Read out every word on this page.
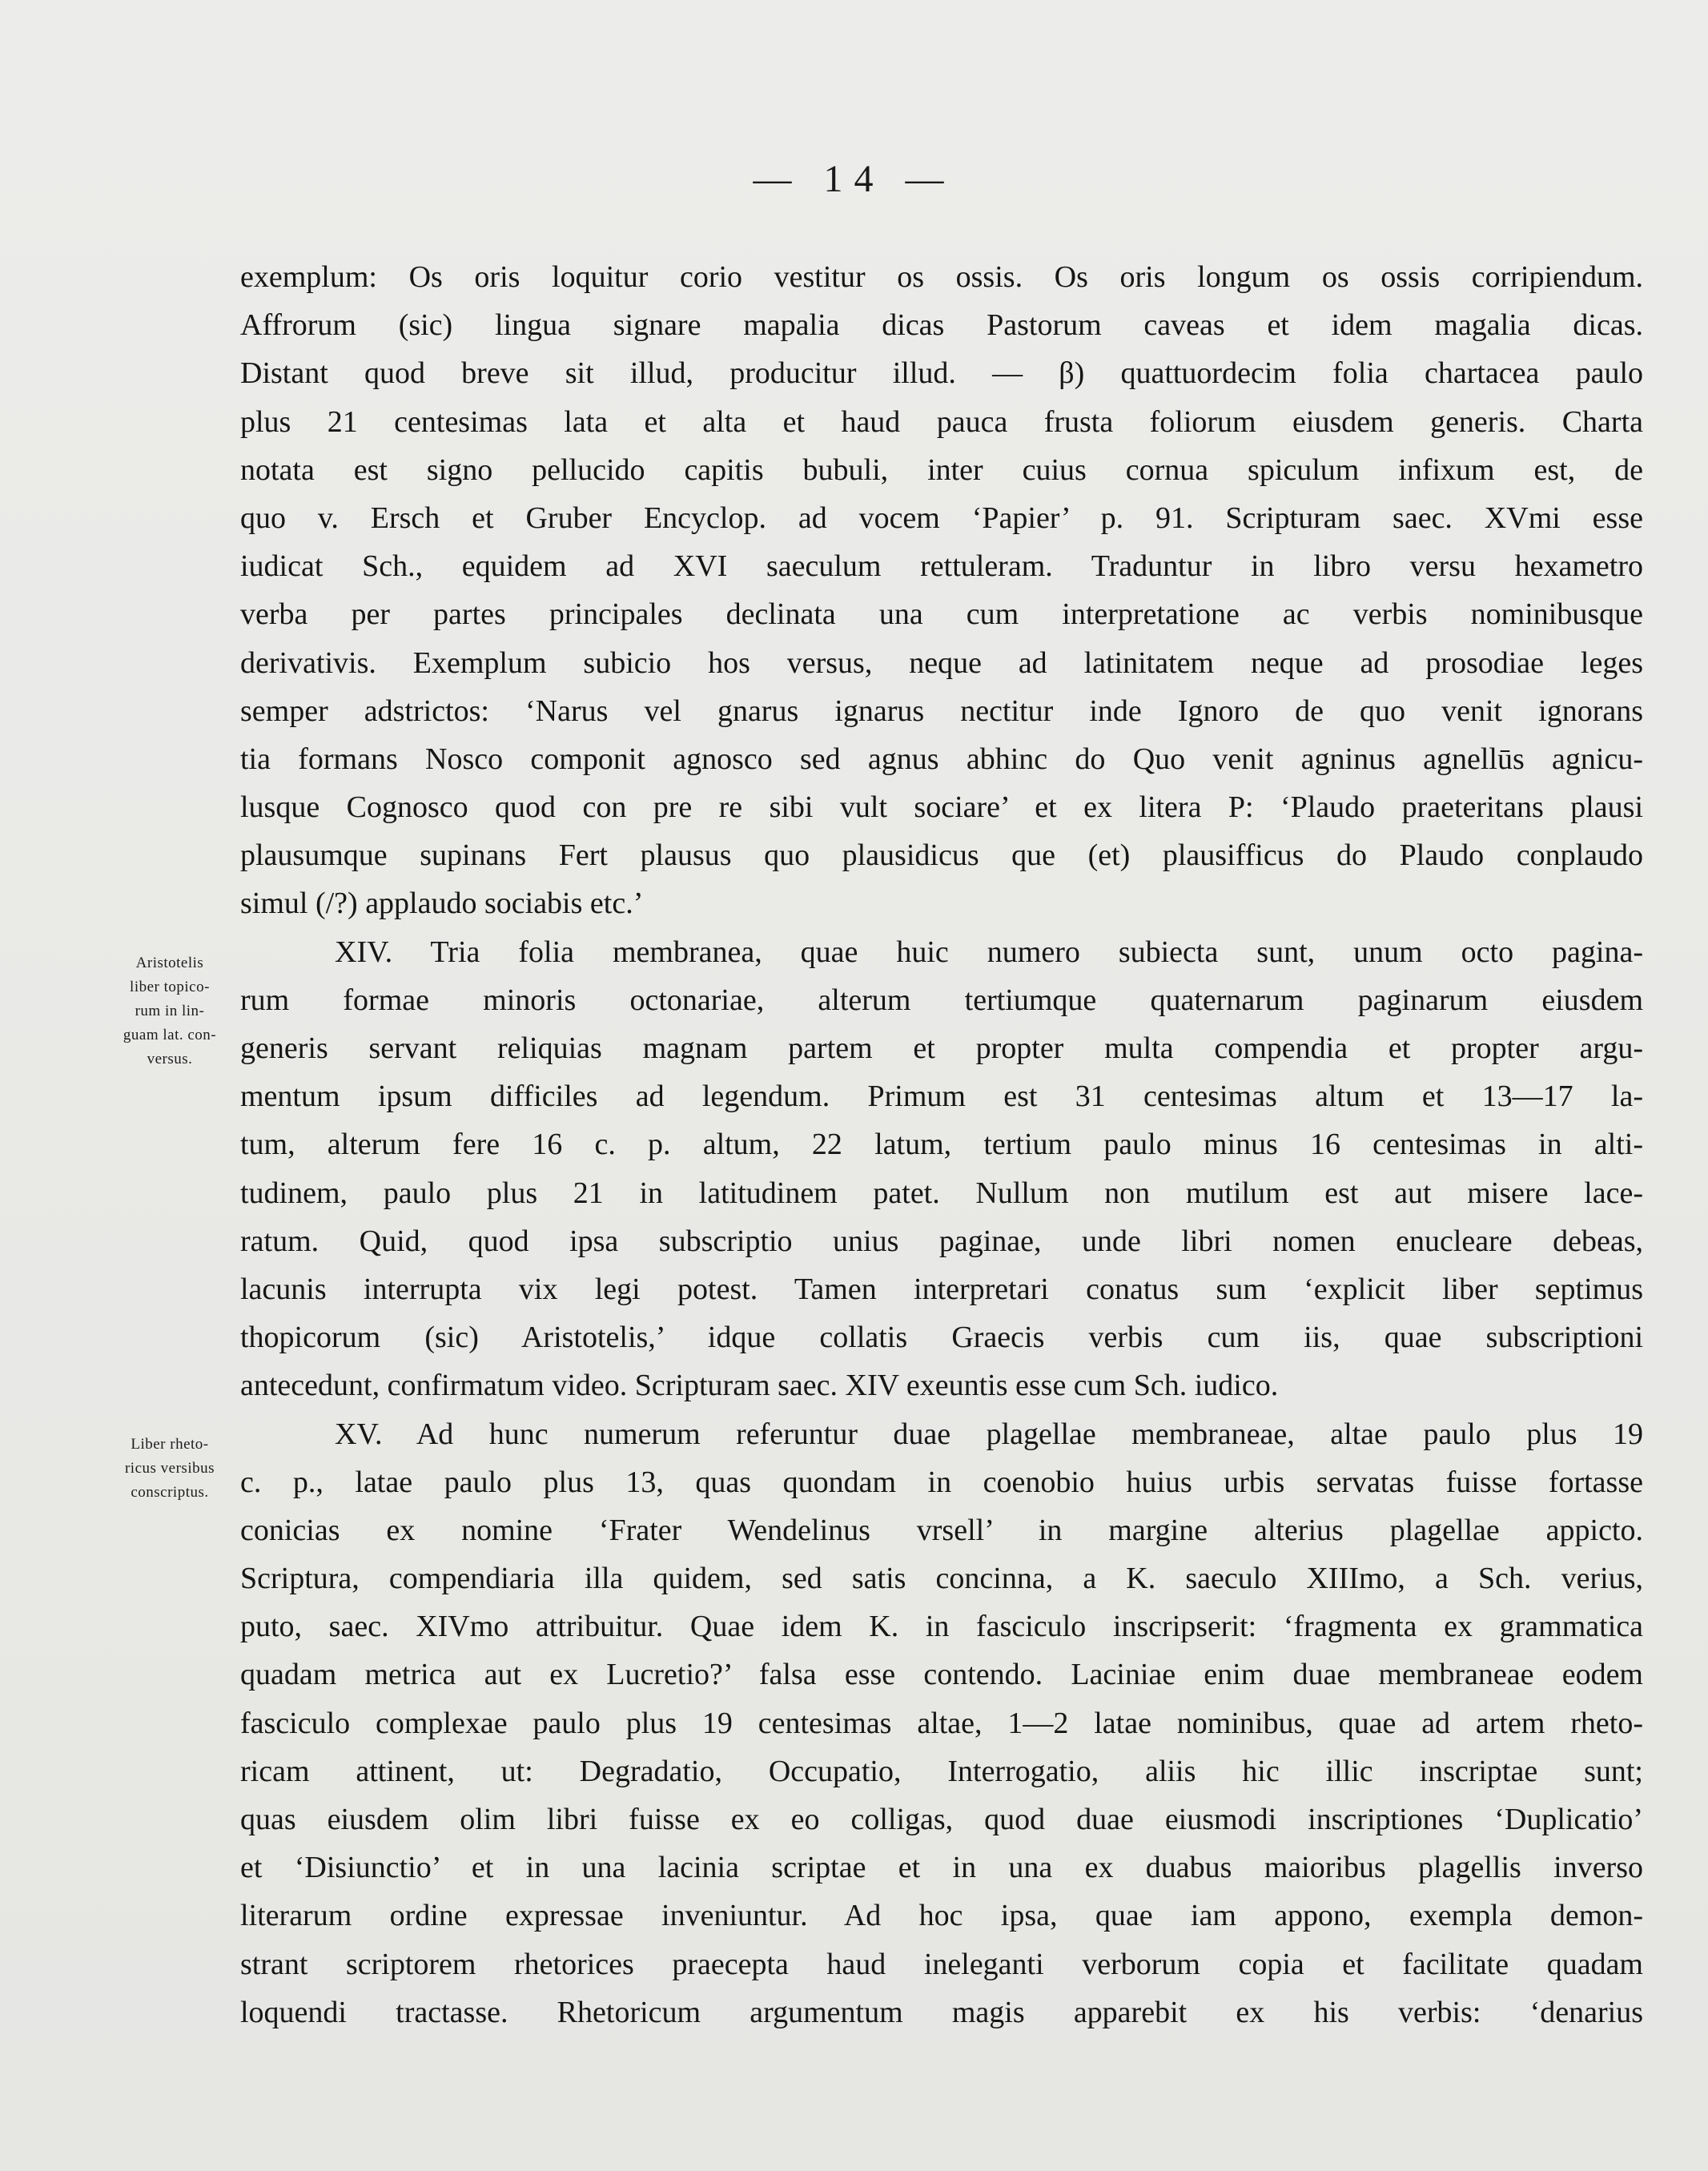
— 14 —
Aristotelis
liber topico-
rum in lin-
guam lat. con-
versus.
Liber rheto-
ricus versibus
conscriptus.
exemplum: Os oris loquitur corio vestitur os ossis. Os oris longum os ossis corripiendum.
Affrorum (sic) lingua signare mapalia dicas Pastorum caveas et idem magalia dicas.
Distant quod breve sit illud, producitur illud. — β) quattuordecim folia chartacea paulo
plus 21 centesimas lata et alta et haud pauca frusta foliorum eiusdem generis. Charta
notata est signo pellucido capitis bubuli, inter cuius cornua spiculum infixum est, de
quo v. Ersch et Gruber Encyclop. ad vocem ‘Papier’ p. 91. Scripturam saec. XVmi esse
iudicat Sch., equidem ad XVI saeculum rettuleram. Traduntur in libro versu hexametro
verba per partes principales declinata una cum interpretatione ac verbis nominibusque
derivativis. Exemplum subicio hos versus, neque ad latinitatem neque ad prosodiae leges
semper adstrictos: ‘Narus vel gnarus ignarus nectitur inde Ignoro de quo venit ignorans
tia formans Nosco componit agnosco sed agnus abhinc do Quo venit agninus agnellūs agnicu-
lusque Cognosco quod con pre re sibi vult sociare’ et ex litera P: ‘Plaudo praeteritans plausi
plausumque supinans Fert plausus quo plausidicus que (et) plausifficus do Plaudo conplaudo
simul (/?) applaudo sociabis etc.’
XIV. Tria folia membranea, quae huic numero subiecta sunt, unum octo pagina-
rum formae minoris octonariae, alterum tertiumque quaternarum paginarum eiusdem
generis servant reliquias magnam partem et propter multa compendia et propter argu-
mentum ipsum difficiles ad legendum. Primum est 31 centesimas altum et 13—17 la-
tum, alterum fere 16 c. p. altum, 22 latum, tertium paulo minus 16 centesimas in alti-
tudinem, paulo plus 21 in latitudinem patet. Nullum non mutilum est aut misere lace-
ratum. Quid, quod ipsa subscriptio unius paginae, unde libri nomen enucleare debeas,
lacunis interrupta vix legi potest. Tamen interpretari conatus sum ‘explicit liber septimus
thopicorum (sic) Aristotelis,’ idque collatis Graecis verbis cum iis, quae subscriptioni
antecedunt, confirmatum video. Scripturam saec. XIV exeuntis esse cum Sch. iudico.
XV. Ad hunc numerum referuntur duae plagellae membraneae, altae paulo plus 19
c. p., latae paulo plus 13, quas quondam in coenobio huius urbis servatas fuisse fortasse
conicias ex nomine ‘Frater Wendelinus vrsell’ in margine alterius plagellae appicto.
Scriptura, compendiaria illa quidem, sed satis concinna, a K. saeculo XIIImo, a Sch. verius,
puto, saec. XIVmo attribuitur. Quae idem K. in fasciculo inscripserit: ‘fragmenta ex grammatica
quadam metrica aut ex Lucretio?’ falsa esse contendo. Laciniae enim duae membraneae eodem
fasciculo complexae paulo plus 19 centesimas altae, 1—2 latae nominibus, quae ad artem rheto-
ricam attinent, ut: Degradatio, Occupatio, Interrogatio, aliis hic illic inscriptae sunt;
quas eiusdem olim libri fuisse ex eo colligas, quod duae eiusmodi inscriptiones ‘Duplicatio’
et ‘Disiunctio’ et in una lacinia scriptae et in una ex duabus maioribus plagellis inverso
literarum ordine expressae inveniuntur. Ad hoc ipsa, quae iam appono, exempla demon-
strant scriptorem rhetorices praecepta haud ineleganti verborum copia et facilitate quadam
loquendi tractasse. Rhetoricum argumentum magis apparebit ex his verbis: ‘denarius
